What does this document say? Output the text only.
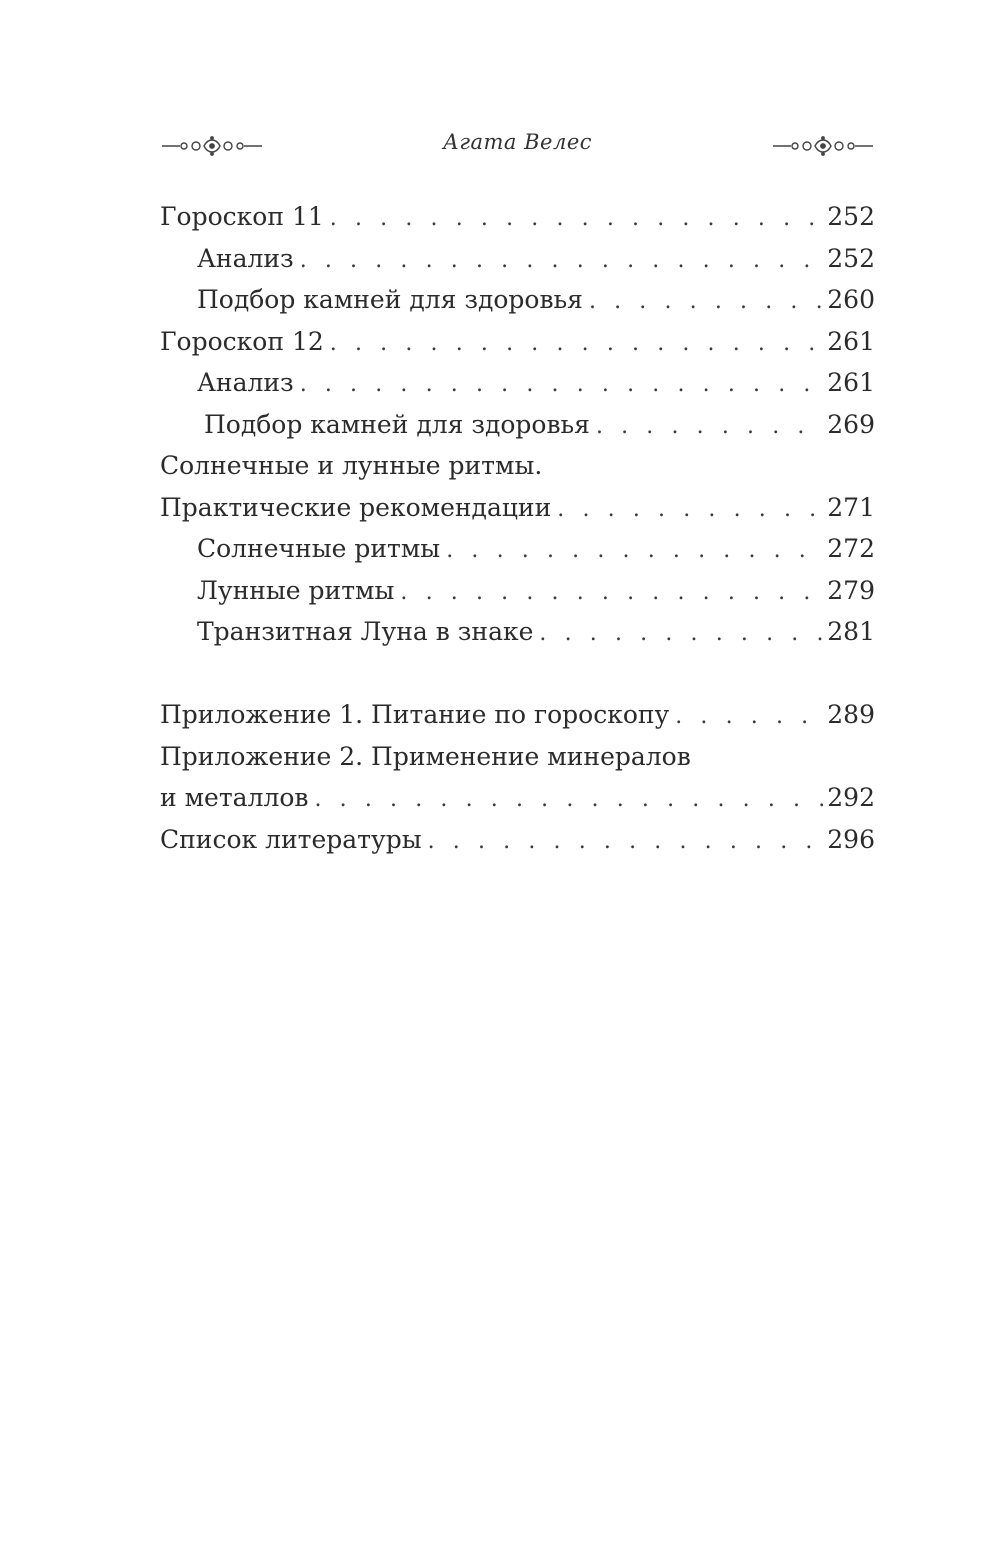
Агата Велес
Гороскоп 11 . . .	252
Анализ . . .	252
Подбор камней для здоровья . . .	260
Гороскоп 12 . . .	261
Анализ . . .	261
Подбор камней для здоровья . . .	269
Солнечные и лунные ритмы.
Практические рекомендации . . .	271
Солнечные ритмы . . .	272
Лунные ритмы . . .	279
Транзитная Луна в знаке . . .	281
Приложение 1. Питание по гороскопу . . .	289
Приложение 2. Применение минералов
и металлов . . .	292
Список литературы . . .	296
